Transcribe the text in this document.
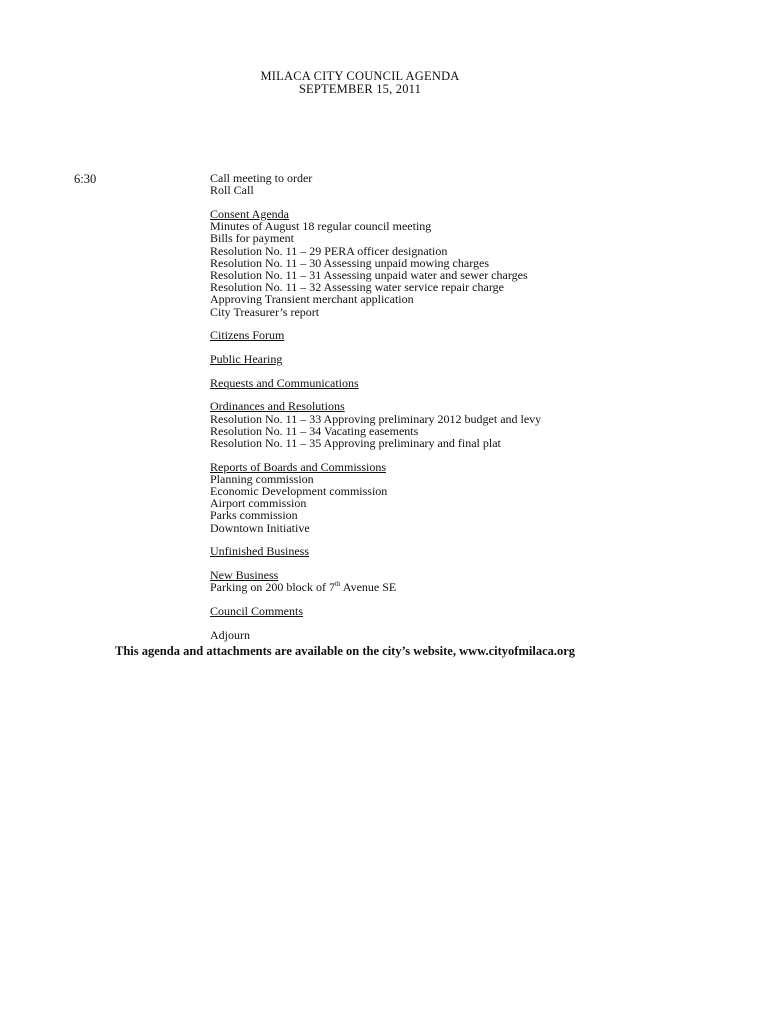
MILACA CITY COUNCIL AGENDA
SEPTEMBER 15, 2011
6:30	Call meeting to order
Roll Call
Consent Agenda
Minutes of August 18 regular council meeting
Bills for payment
Resolution No. 11 – 29 PERA officer designation
Resolution No. 11 – 30 Assessing unpaid mowing charges
Resolution No. 11 – 31 Assessing unpaid water and sewer charges
Resolution No. 11 – 32 Assessing water service repair charge
Approving Transient merchant application
City Treasurer’s report
Citizens Forum
Public Hearing
Requests and Communications
Ordinances and Resolutions
Resolution No. 11 – 33 Approving preliminary 2012 budget and levy
Resolution No. 11 – 34 Vacating easements
Resolution No. 11 – 35 Approving preliminary and final plat
Reports of Boards and Commissions
Planning commission
Economic Development commission
Airport commission
Parks commission
Downtown Initiative
Unfinished Business
New Business
Parking on 200 block of 7th Avenue SE
Council Comments
Adjourn
This agenda and attachments are available on the city’s website, www.cityofmilaca.org
